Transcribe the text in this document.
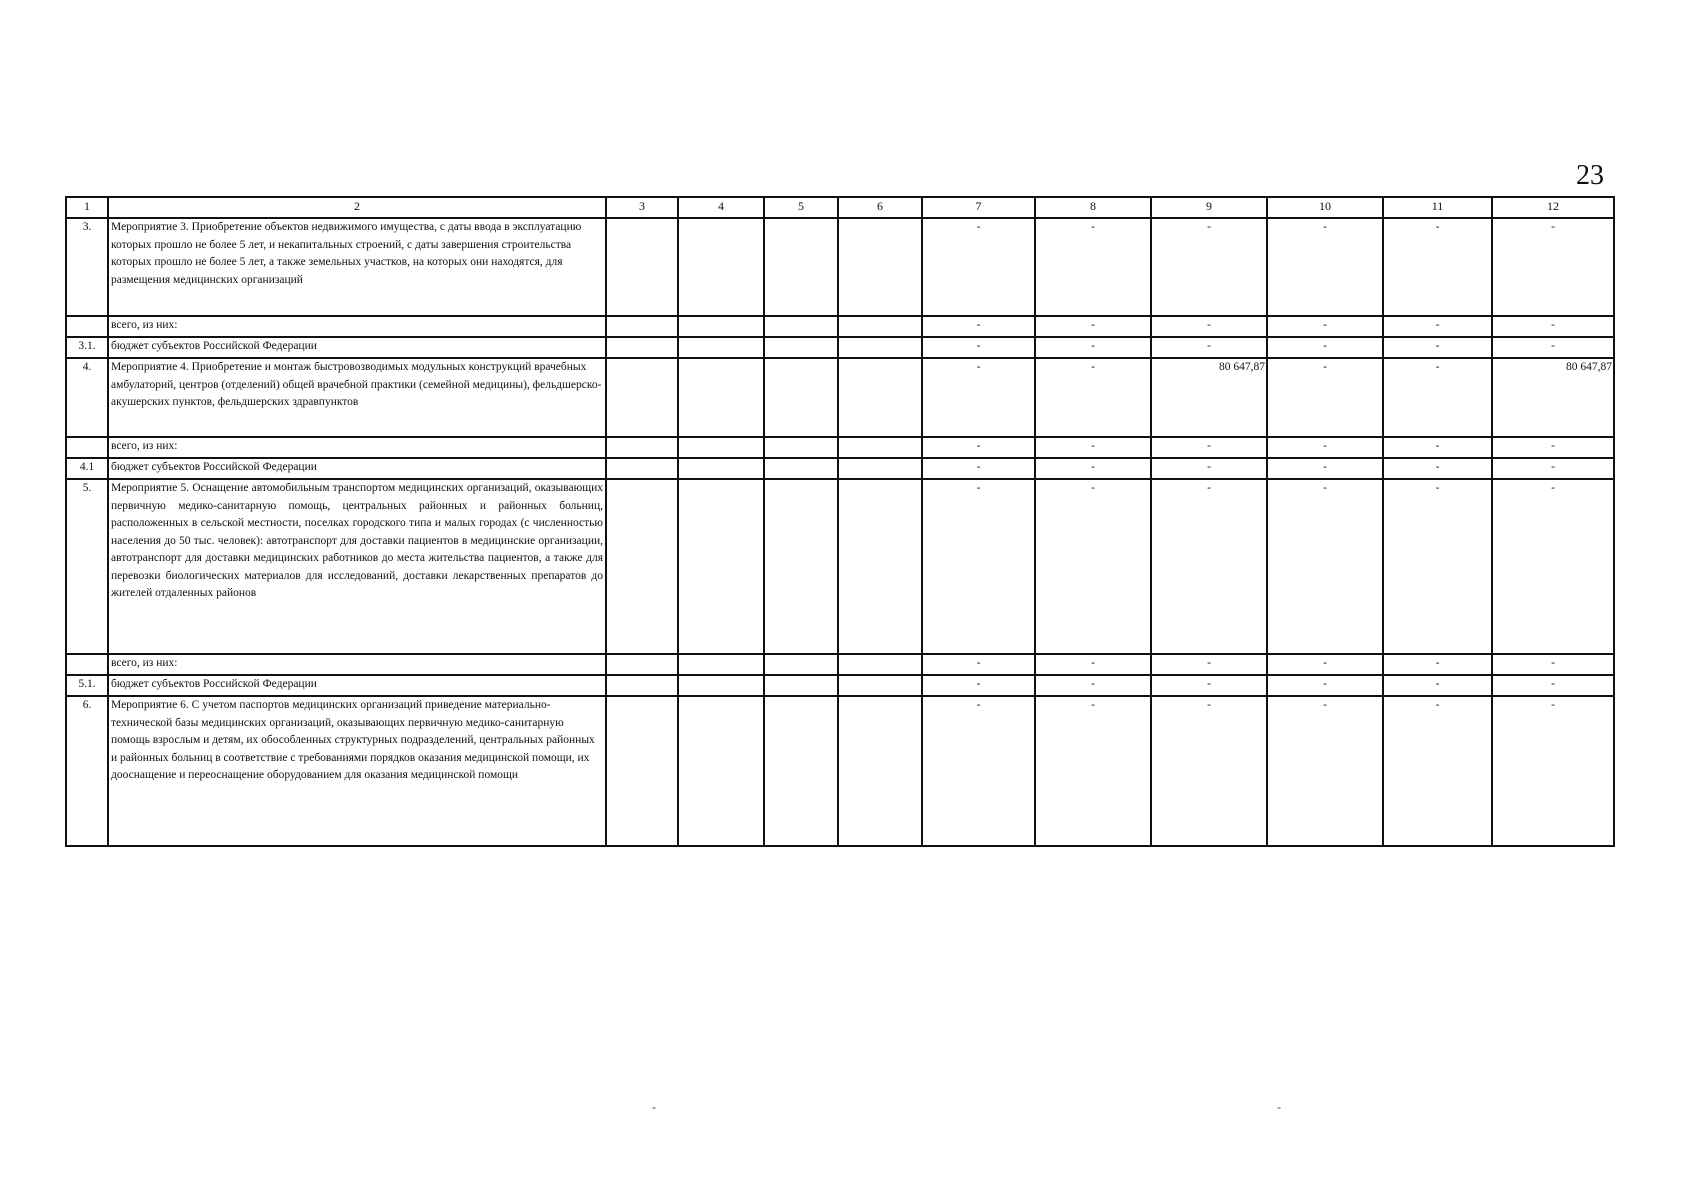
23
1	2	3	4	5	6	7	8	9	10	11	12
3.	Мероприятие 3. Приобретение объектов недвижимого имущества, с даты ввода в эксплуатацию которых прошло не более 5 лет, и некапитальных строений, с даты завершения строительства которых прошло не более 5 лет, а также земельных участков, на которых они находятся, для размещения медицинских организаций					-	-	-	-	-	-
	всего, из них:					-	-	-	-	-	-
3.1.	бюджет субъектов Российской Федерации					-	-	-	-	-	-
4.	Мероприятие 4. Приобретение и монтаж быстровозводимых модульных конструкций врачебных амбулаторий, центров (отделений) общей врачебной практики (семейной медицины), фельдшерско-акушерских пунктов, фельдшерских здравпунктов					-	-	80 647,87	-	-	80 647,87
	всего, из них:					-	-	-	-	-	-
4.1	бюджет субъектов Российской Федерации					-	-	-	-	-	-
5.	Мероприятие 5. Оснащение автомобильным транспортом медицинских организаций, оказывающих первичную медико-санитарную помощь, центральных районных и районных больниц, расположенных в сельской местности, поселках городского типа и малых городах (с численностью населения до 50 тыс. человек): автотранспорт для доставки пациентов в медицинские организации, автотранспорт для доставки медицинских работников до места жительства пациентов, а также для перевозки биологических материалов для исследований, доставки лекарственных препаратов до жителей отдаленных районов					-	-	-	-	-	-
	всего, из них:					-	-	-	-	-	-
5.1.	бюджет субъектов Российской Федерации					-	-	-	-	-	-
6.	Мероприятие 6. С учетом паспортов медицинских организаций приведение материально-технической базы медицинских организаций, оказывающих первичную медико-санитарную помощь взрослым и детям, их обособленных структурных подразделений, центральных районных и районных больниц в соответствие с требованиями порядков оказания медицинской помощи, их дооснащение и переоснащение оборудованием для оказания медицинской помощи					-	-	-	-	-	-
-	-
